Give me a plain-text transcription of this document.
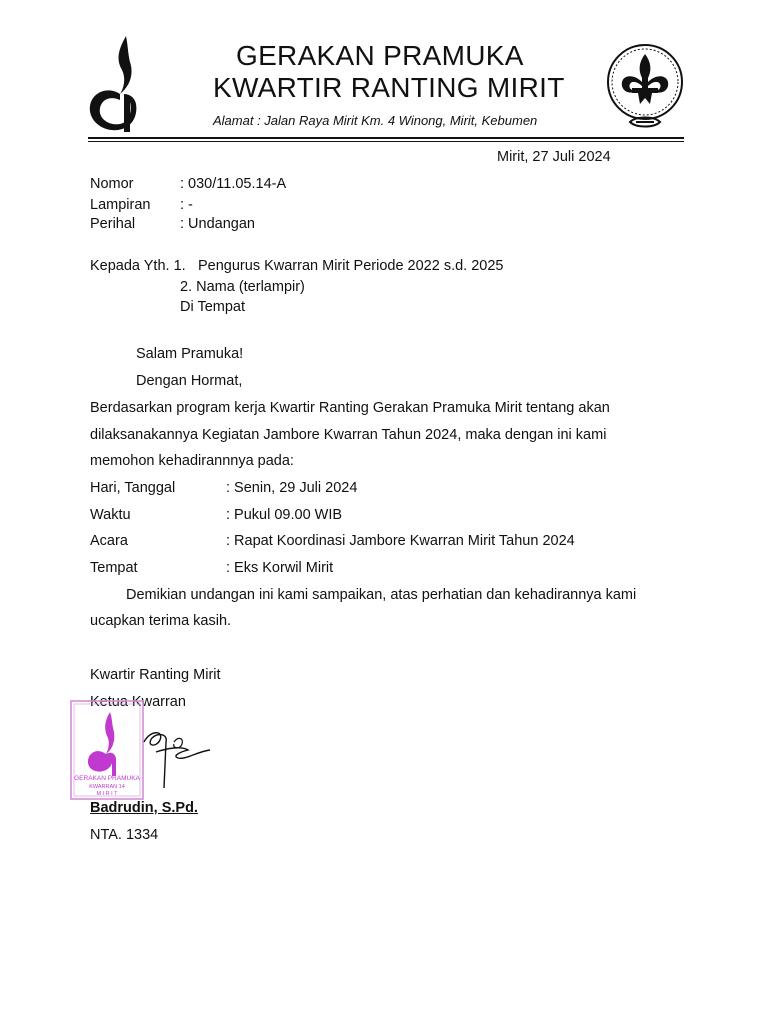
GERAKAN PRAMUKA
KWARTIR RANTING MIRIT
Alamat : Jalan Raya Mirit Km. 4 Winong, Mirit, Kebumen
Mirit, 27 Juli 2024
Nomor	: 030/11.05.14-A
Lampiran : -
Perihal	: Undangan
Kepada Yth. 1. Pengurus Kwarran Mirit Periode 2022 s.d. 2025
2. Nama (terlampir)
Di Tempat
Salam Pramuka!
Dengan Hormat,
Berdasarkan program kerja Kwartir Ranting Gerakan Pramuka Mirit tentang akan
dilaksanakannya Kegiatan Jambore Kwarran Tahun 2024, maka dengan ini kami
memohon kehadirannnya pada:
Hari, Tanggal	: Senin, 29 Juli 2024
Waktu	: Pukul 09.00 WIB
Acara	: Rapat Koordinasi Jambore Kwarran Mirit Tahun 2024
Tempat	: Eks Korwil Mirit
Demikian undangan ini kami sampaikan, atas perhatian dan kehadirannya kami
ucapkan terima kasih.
Kwartir Ranting Mirit
Ketua Kwarran
GERAKAN PRAMUKA
KWARRAN 14
M I R I T
Badrudin, S.Pd.
NTA. 1334
